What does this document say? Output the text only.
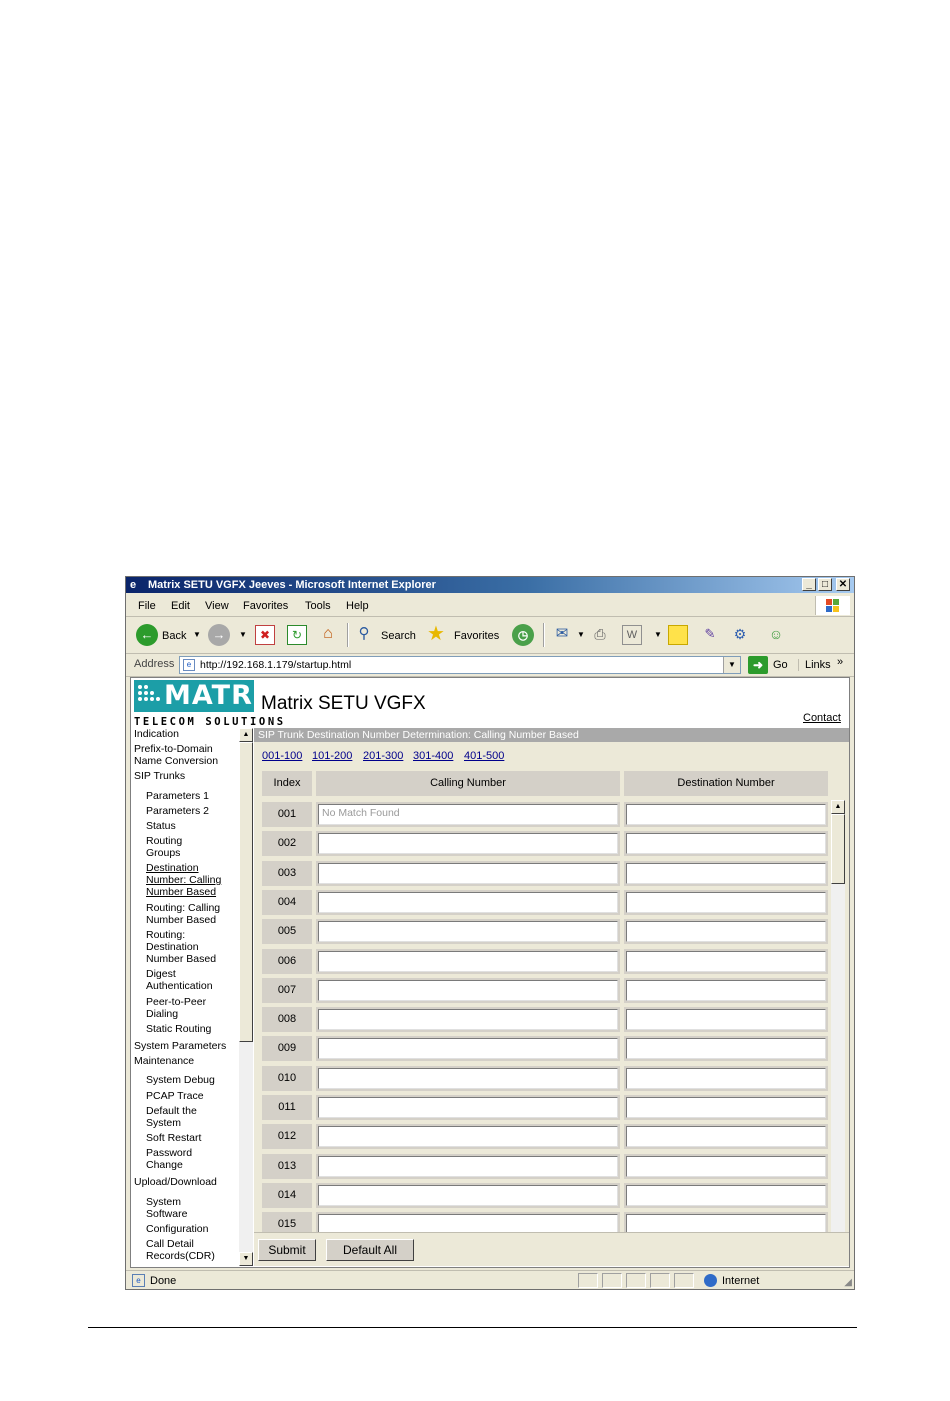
e	Matrix SETU VGFX Jeeves - Microsoft Internet Explorer	_	□	✕
File Edit View Favorites Tools Help
← Back ▼ →	▼	✖	↻	⌂	⚲	Search ★ Favorites	◷	✉	▼ ⎙	W	▼	✎	⚙ ☺
Address	e http://192.168.1.179/startup.html	▼	➜ Go	Links »
MATRIX
TELECOM SOLUTIONS
Matrix SETU VGFX
Contact
Indication
Prefix-to-Domain
Name Conversion
SIP Trunks
Parameters 1
Parameters 2
Status
Routing
Groups
Destination
Number: Calling
Number Based
Routing: Calling
Number Based
Routing:
Destination
Number Based
Digest
Authentication
Peer-to-Peer
Dialing
Static Routing
System Parameters
Maintenance
System Debug
PCAP Trace
Default the
System
Soft Restart
Password
Change
Upload/Download
System
Software
Configuration
Call Detail
Records(CDR)
▲
▼
SIP Trunk Destination Number Determination: Calling Number Based
001-100 101-200 201-300 301-400 401-500
Index	Calling Number	Destination Number
001	No Match Found
002
003
004
005
006
007
008
009
010
011
012
013
014
015
▲
Submit	Default All
e Done	Internet	◢
